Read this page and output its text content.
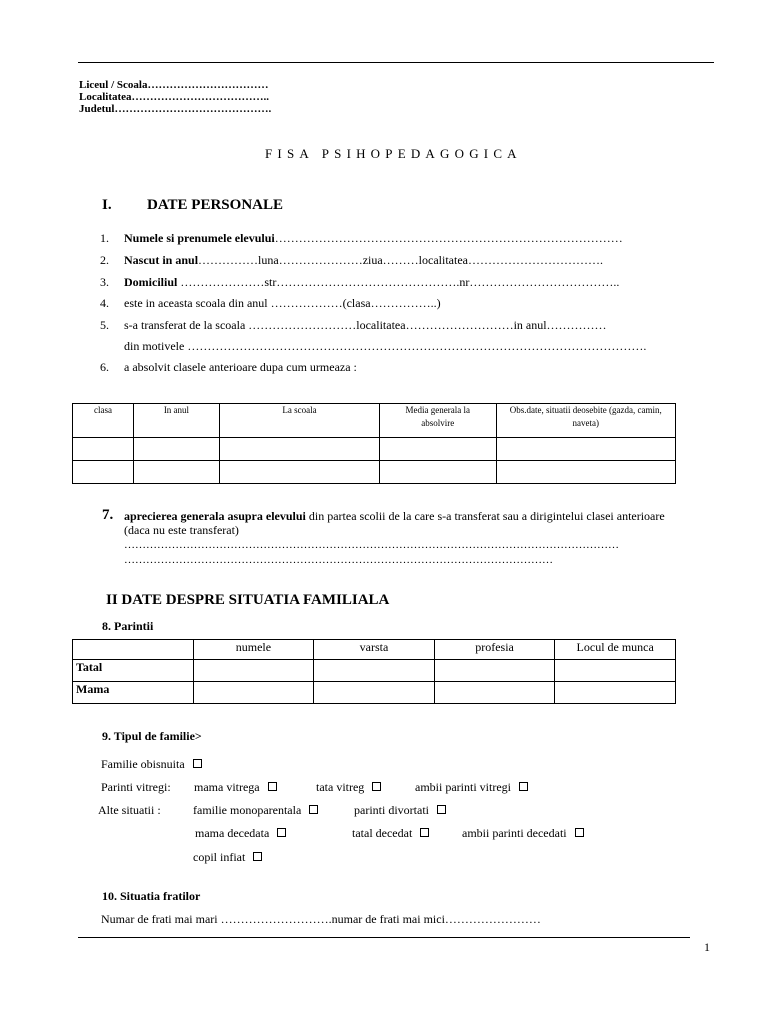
Liceul / Scoala……………………………
Localitatea………………………………..
Judetul…………………………………….
FISA PSIHOPEDAGOGICA
I. DATE PERSONALE
1. Numele si prenumele elevului……………………………………………………………………………
2. Nascut in anul……………luna…………………ziua………localitatea…………………………….
3. Domiciliul …………………str……………………………………….nr………………………………..
4. este in aceasta scoala din anul ………………(clasa……………..)
5. s-a transferat de la scoala ………………………localitatea………………………in anul……………
din motivele …………………………………………………………………………………………………….
6. a absolvit clasele anterioare dupa cum urmeaza :
clasa	In anul	La scoala	Media generala la absolvire	Obs.date, situatii deosebite (gazda, camin, naveta)

7. aprecierea generala asupra elevului din partea scolii de la care s-a transferat sau a dirigintelui clasei anterioare
(daca nu este transferat)
………………………………………………………………………………………………………………………
………………………………………………………………………………………………………
II DATE DESPRE SITUATIA FAMILIALA
8. Parintii
	numele	varsta	profesia	Locul de munca
Tatal				
Mama				
9. Tipul de familie>
Familie obisnuita
Parinti vitregi: mama vitrega	tata vitreg	ambii parinti vitregi
Alte situatii :	familie monoparentala	parinti divortati
mama decedata	tatal decedat	ambii parinti decedati
copil infiat
10. Situatia fratilor
Numar de frati mai mari ……………………….numar de frati mai mici……………………
1
